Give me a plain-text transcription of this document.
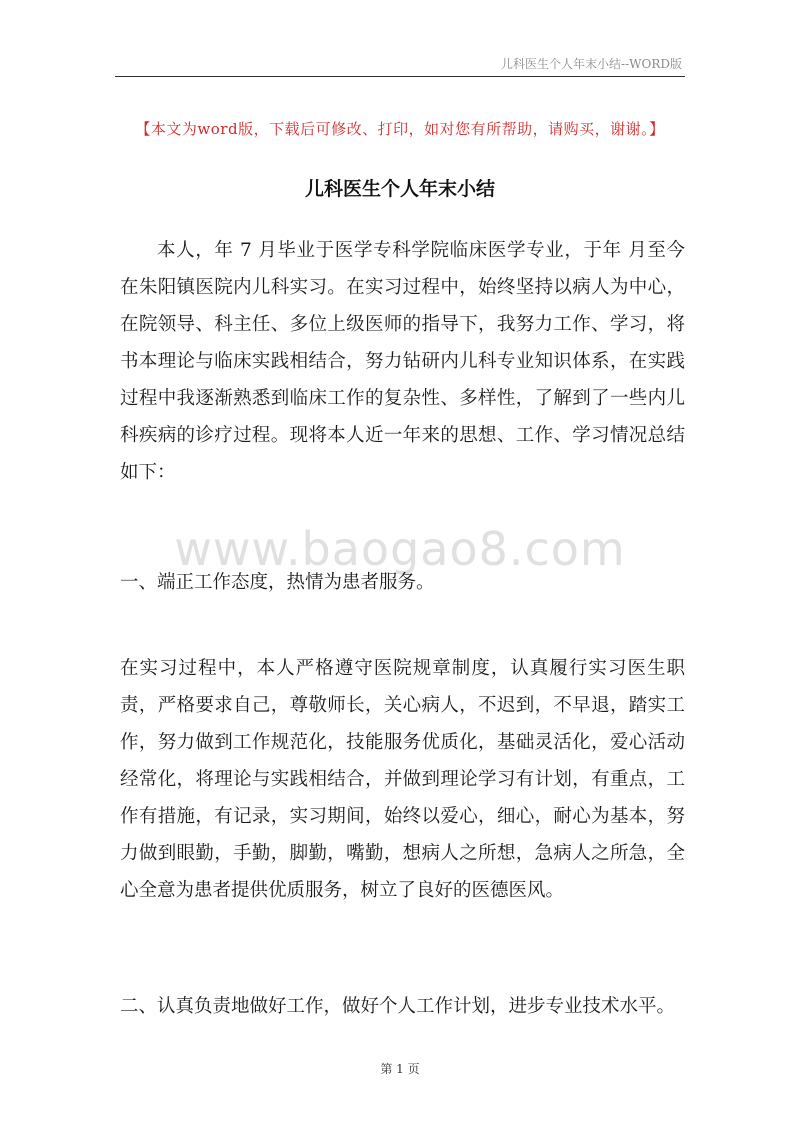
儿科医生个人年末小结--WORD版
【本文为word版，下载后可修改、打印，如对您有所帮助，请购买，谢谢。】
儿科医生个人年末小结

本人，年 7 月毕业于医学专科学院临床医学专业，于年 月至今在朱阳镇医院内儿科实习。在实习过程中，始终坚持以病人为中心，在院领导、科主任、多位上级医师的指导下，我努力工作、学习，将书本理论与临床实践相结合，努力钻研内儿科专业知识体系，在实践过程中我逐渐熟悉到临床工作的复杂性、多样性，了解到了一些内儿科疾病的诊疗过程。现将本人近一年来的思想、工作、学习情况总结如下：

www.baogao8.com
一、端正工作态度，热情为患者服务。

在实习过程中，本人严格遵守医院规章制度，认真履行实习医生职责，严格要求自己，尊敬师长，关心病人，不迟到，不早退，踏实工作，努力做到工作规范化，技能服务优质化，基础灵活化，爱心活动经常化，将理论与实践相结合，并做到理论学习有计划，有重点，工作有措施，有记录，实习期间，始终以爱心，细心，耐心为基本，努力做到眼勤，手勤，脚勤，嘴勤，想病人之所想，急病人之所急，全心全意为患者提供优质服务，树立了良好的医德医风。

二、认真负责地做好工作，做好个人工作计划，进步专业技术水平。
第 1 页
